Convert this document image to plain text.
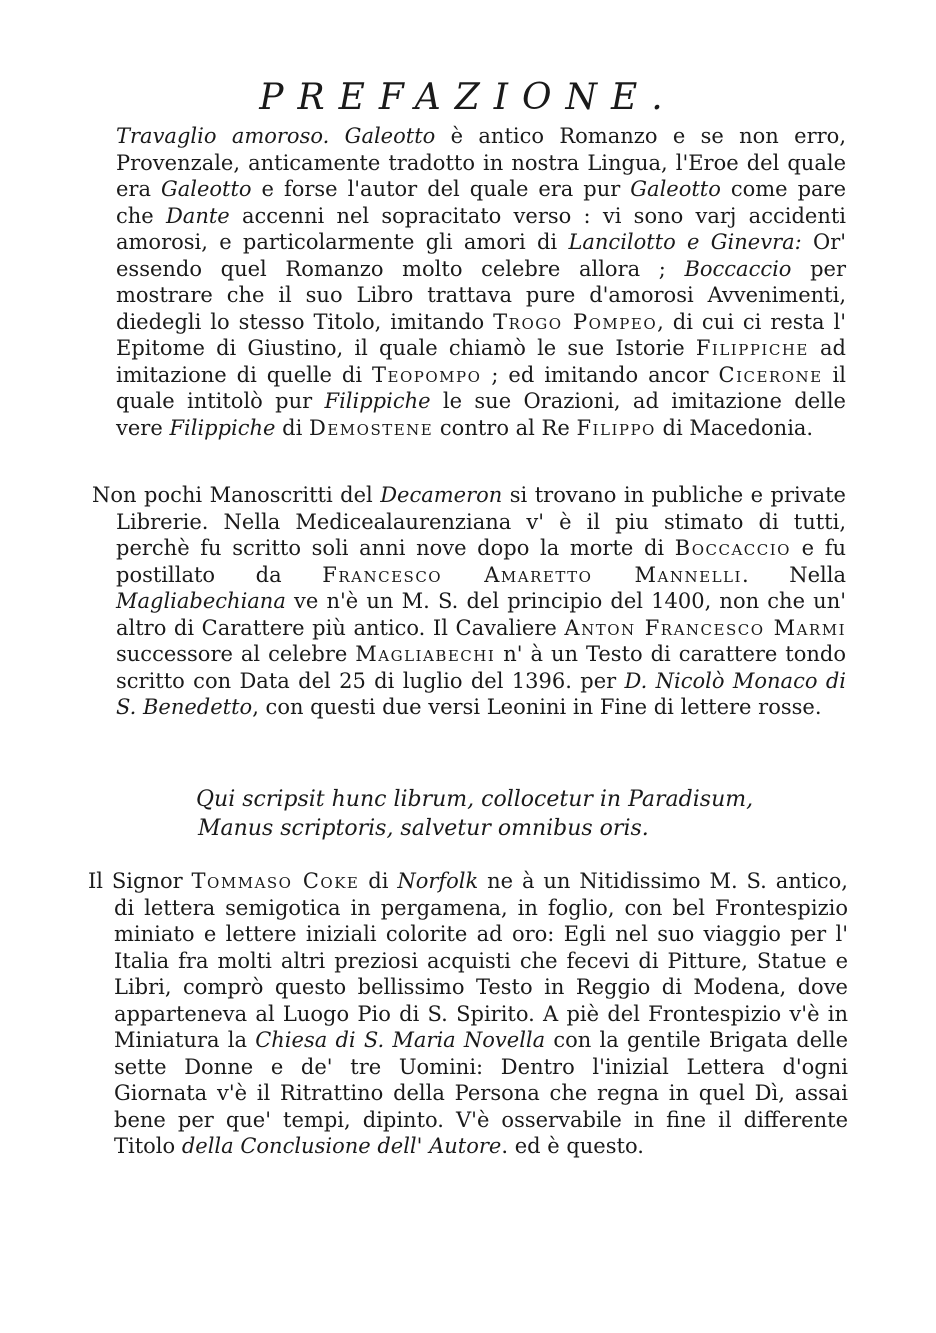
PREFAZIONE.

Travaglio amoroso. Galeotto è antico Romanzo e se non erro, Provenzale, anticamente tradotto in nostra Lingua, l'Eroe del quale era Galeotto e forse l'autor del quale era pur Galeotto come pare che Dante accenni nel sopracitato verso : vi sono varj accidenti amorosi, e particolarmente gli amori di Lancilotto e Ginevra: Or' essendo quel Romanzo molto celebre allora ; Boccaccio per mostrare che il suo Libro trattava pure d'amorosi Avvenimenti, diedegli lo stesso Titolo, imitando Trogo Pompeo, di cui ci resta l' Epitome di Giustino, il quale chiamò le sue Istorie Filippiche ad imitazione di quelle di Teopompo ; ed imitando ancor Cicerone il quale intitolò pur Filippiche le sue Orazioni, ad imitazione delle vere Filippiche di Demostene contro al Re Filippo di Macedonia.

Non pochi Manoscritti del Decameron si trovano in publiche e private Librerie. Nella Medicealaurenziana v' è il piu stimato di tutti, perchè fu scritto soli anni nove dopo la morte di Boccaccio e fu postillato da Francesco Amaretto Mannelli. Nella Magliabechiana ve n'è un M. S. del principio del 1400, non che un' altro di Carattere più antico. Il Cavaliere Anton Francesco Marmi successore al celebre Magliabechi n' à un Testo di carattere tondo scritto con Data del 25 di luglio del 1396. per D. Nicolò Monaco di S. Benedetto, con questi due versi Leonini in Fine di lettere rosse.

Qui scripsit hunc librum, collocetur in Paradisum,
Manus scriptoris, salvetur omnibus oris.

Il Signor Tommaso Coke di Norfolk ne à un Nitidissimo M. S. antico, di lettera semigotica in pergamena, in foglio, con bel Frontespizio miniato e lettere iniziali colorite ad oro: Egli nel suo viaggio per l' Italia fra molti altri preziosi acquisti che fecevi di Pitture, Statue e Libri, comprò questo bellissimo Testo in Reggio di Modena, dove apparteneva al Luogo Pio di S. Spirito. A piè del Frontespizio v'è in Miniatura la Chiesa di S. Maria Novella con la gentile Brigata delle sette Donne e de' tre Uomini: Dentro l'inizial Lettera d'ogni Giornata v'è il Ritrattino della Persona che regna in quel Dì, assai bene per que' tempi, dipinto. V'è osservabile in fine il differente Titolo della Conclusione dell' Autore. ed è questo.
